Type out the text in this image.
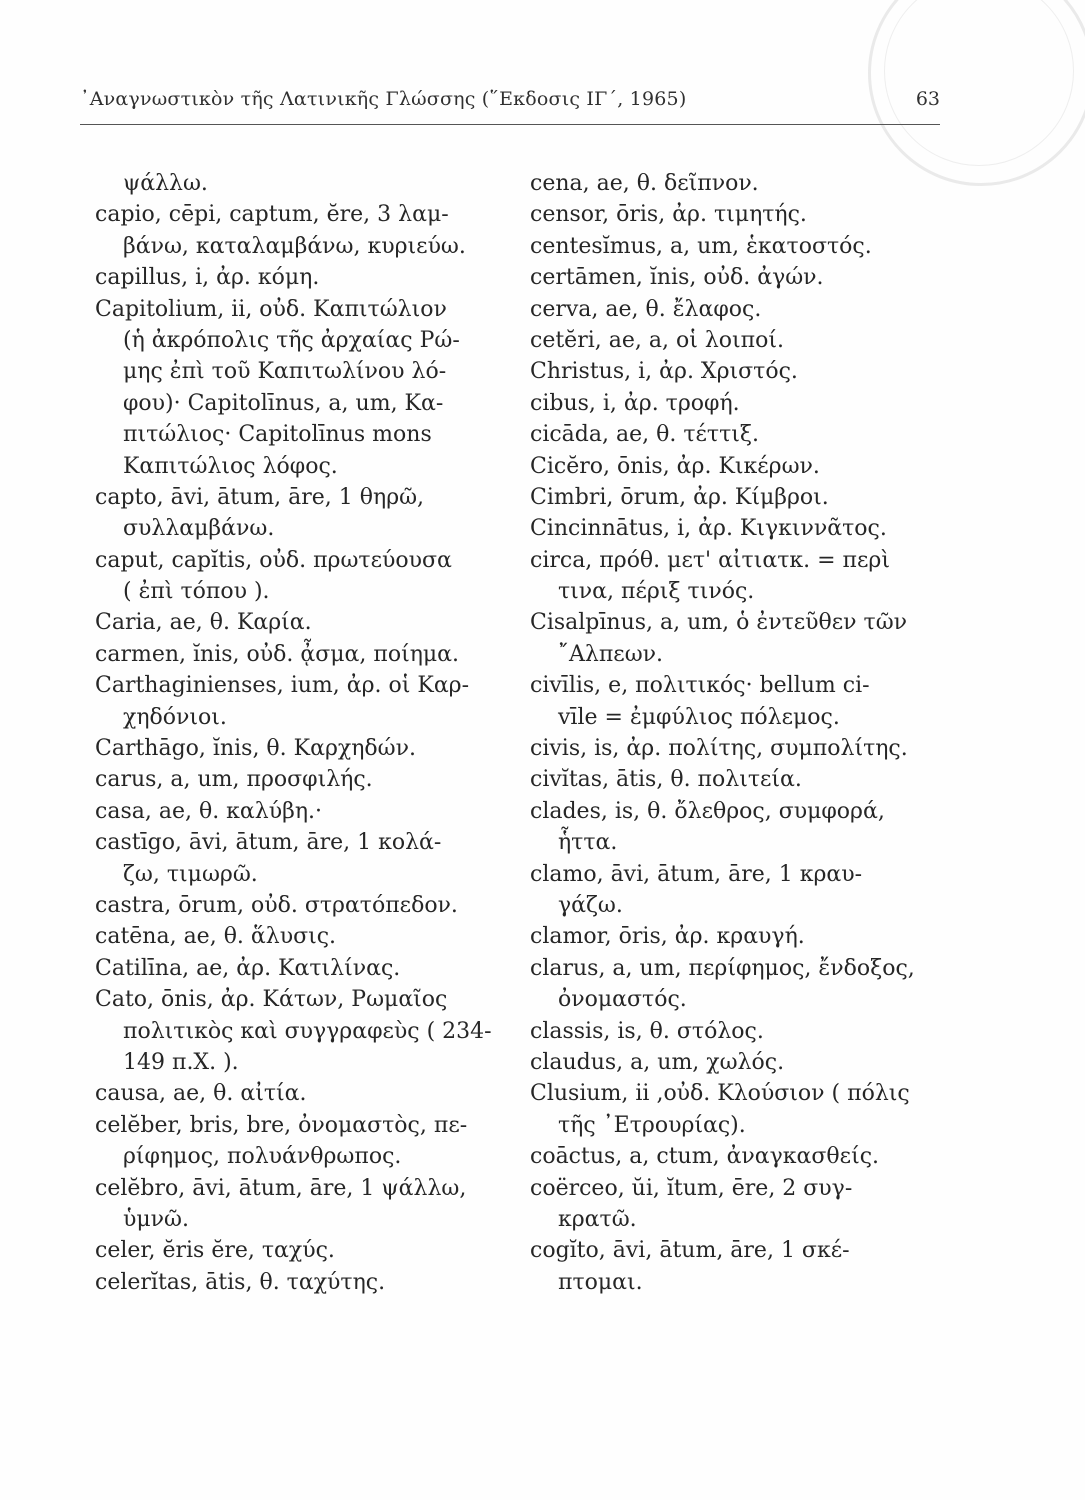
᾿Αναγνωστικὸν τῆς Λατινικῆς Γλώσσης (῞Εκδοσις ΙΓ΄, 1965)	63
ψάλλω.
capio, cēpi, captum, ĕre, 3 λαμ-
βάνω, καταλαμβάνω, κυριεύω.
capillus, i, ἀρ. κόμη.
Capitolium, ii, οὐδ. Καπιτώλιον
(ἡ ἀκρόπολις τῆς ἀρχαίας Ρώ-
μης ἐπὶ τοῦ Καπιτωλίνου λό-
φου)· Capitolīnus, a, um, Κα-
πιτώλιος· Capitolīnus mons
Καπιτώλιος λόφος.
capto, āvi, ātum, āre, 1 θηρῶ,
συλλαμβάνω.
caput, capĭtis, οὐδ. πρωτεύουσα
( ἐπὶ τόπου ).
Caria, ae, θ. Καρία.
carmen, ĭnis, οὐδ. ᾆσμα, ποίημα.
Carthaginienses, ium, ἀρ. οἱ Καρ-
χηδόνιοι.
Carthāgo, ĭnis, θ. Καρχηδών.
carus, a, um, προσφιλής.
casa, ae, θ. καλύβη.·
castīgo, āvi, ātum, āre, 1 κολά-
ζω, τιμωρῶ.
castra, ōrum, οὐδ. στρατόπεδον.
catēna, ae, θ. ἅλυσις.
Catilīna, ae, ἀρ. Κατιλίνας.
Cato, ōnis, ἀρ. Κάτων, Ρωμαῖος
πολιτικὸς καὶ συγγραφεὺς ( 234-
149 π.X. ).
causa, ae, θ. αἰτία.
celĕber, bris, bre, ὀνομαστὸς, πε-
ρίφημος, πολυάνθρωπος.
celĕbro, āvi, ātum, āre, 1 ψάλλω,
ὑμνῶ.
celer, ĕris ĕre, ταχύς.
celerĭtas, ātis, θ. ταχύτης.
cena, ae, θ. δεῖπνον.
censor, ōris, ἀρ. τιμητής.
centesĭmus, a, um, ἑκατοστός.
certāmen, ĭnis, οὐδ. ἀγών.
cerva, ae, θ. ἔλαφος.
cetĕri, ae, a, οἱ λοιποί.
Christus, i, ἀρ. Χριστός.
cibus, i, ἀρ. τροφή.
cicāda, ae, θ. τέττιξ.
Cicĕro, ōnis, ἀρ. Κικέρων.
Cimbri, ōrum, ἀρ. Κίμβροι.
Cincinnātus, i, ἀρ. Κιγκιννᾶτος.
circa, πρόθ. μετ' αἰτιατκ. = περὶ
τινα, πέριξ τινός.
Cisalpīnus, a, um, ὁ ἐντεῦθεν τῶν
῎Αλπεων.
civīlis, e, πολιτικός· bellum ci-
vīle = ἐμφύλιος πόλεμος.
civis, is, ἀρ. πολίτης, συμπολίτης.
civĭtas, ātis, θ. πολιτεία.
clades, is, θ. ὄλεθρος, συμφορά,
ἧττα.
clamo, āvi, ātum, āre, 1 κραυ-
γάζω.
clamor, ōris, ἀρ. κραυγή.
clarus, a, um, περίφημος, ἔνδοξος,
ὀνομαστός.
classis, is, θ. στόλος.
claudus, a, um, χωλός.
Clusium, ii ,οὐδ. Κλούσιον ( πόλις
τῆς ᾿Ετρουρίας).
coāctus, a, ctum, ἀναγκασθείς.
coërceo, ŭi, ĭtum, ēre, 2 συγ-
κρατῶ.
cogĭto, āvi, ātum, āre, 1 σκέ-
πτομαι.
